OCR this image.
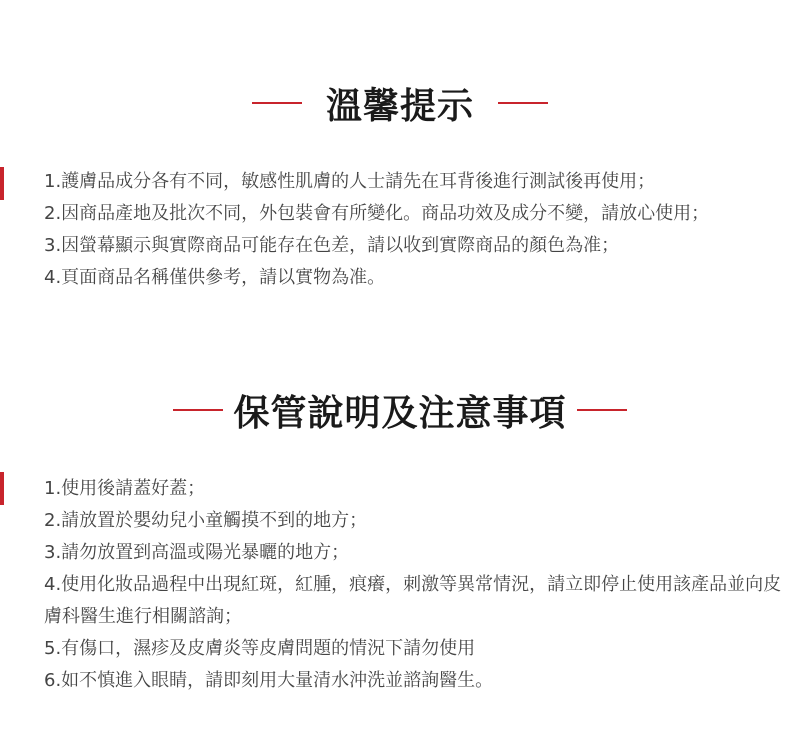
溫馨提示
1.護膚品成分各有不同，敏感性肌膚的人士請先在耳背後進行測試後再使用；
2.因商品產地及批次不同，外包裝會有所變化。商品功效及成分不變，請放心使用；
3.因螢幕顯示與實際商品可能存在色差，請以收到實際商品的顏色為准；
4.頁面商品名稱僅供參考，請以實物為准。
保管說明及注意事項
1.使用後請蓋好蓋；
2.請放置於嬰幼兒小童觸摸不到的地方；
3.請勿放置到高溫或陽光暴曬的地方；
4.使用化妝品過程中出現紅斑，紅腫，痕癢，刺激等異常情況，請立即停止使用該產品並向皮膚科醫生進行相關諮詢；
5.有傷口，濕疹及皮膚炎等皮膚問題的情況下請勿使用
6.如不慎進入眼睛，請即刻用大量清水沖洗並諮詢醫生。
